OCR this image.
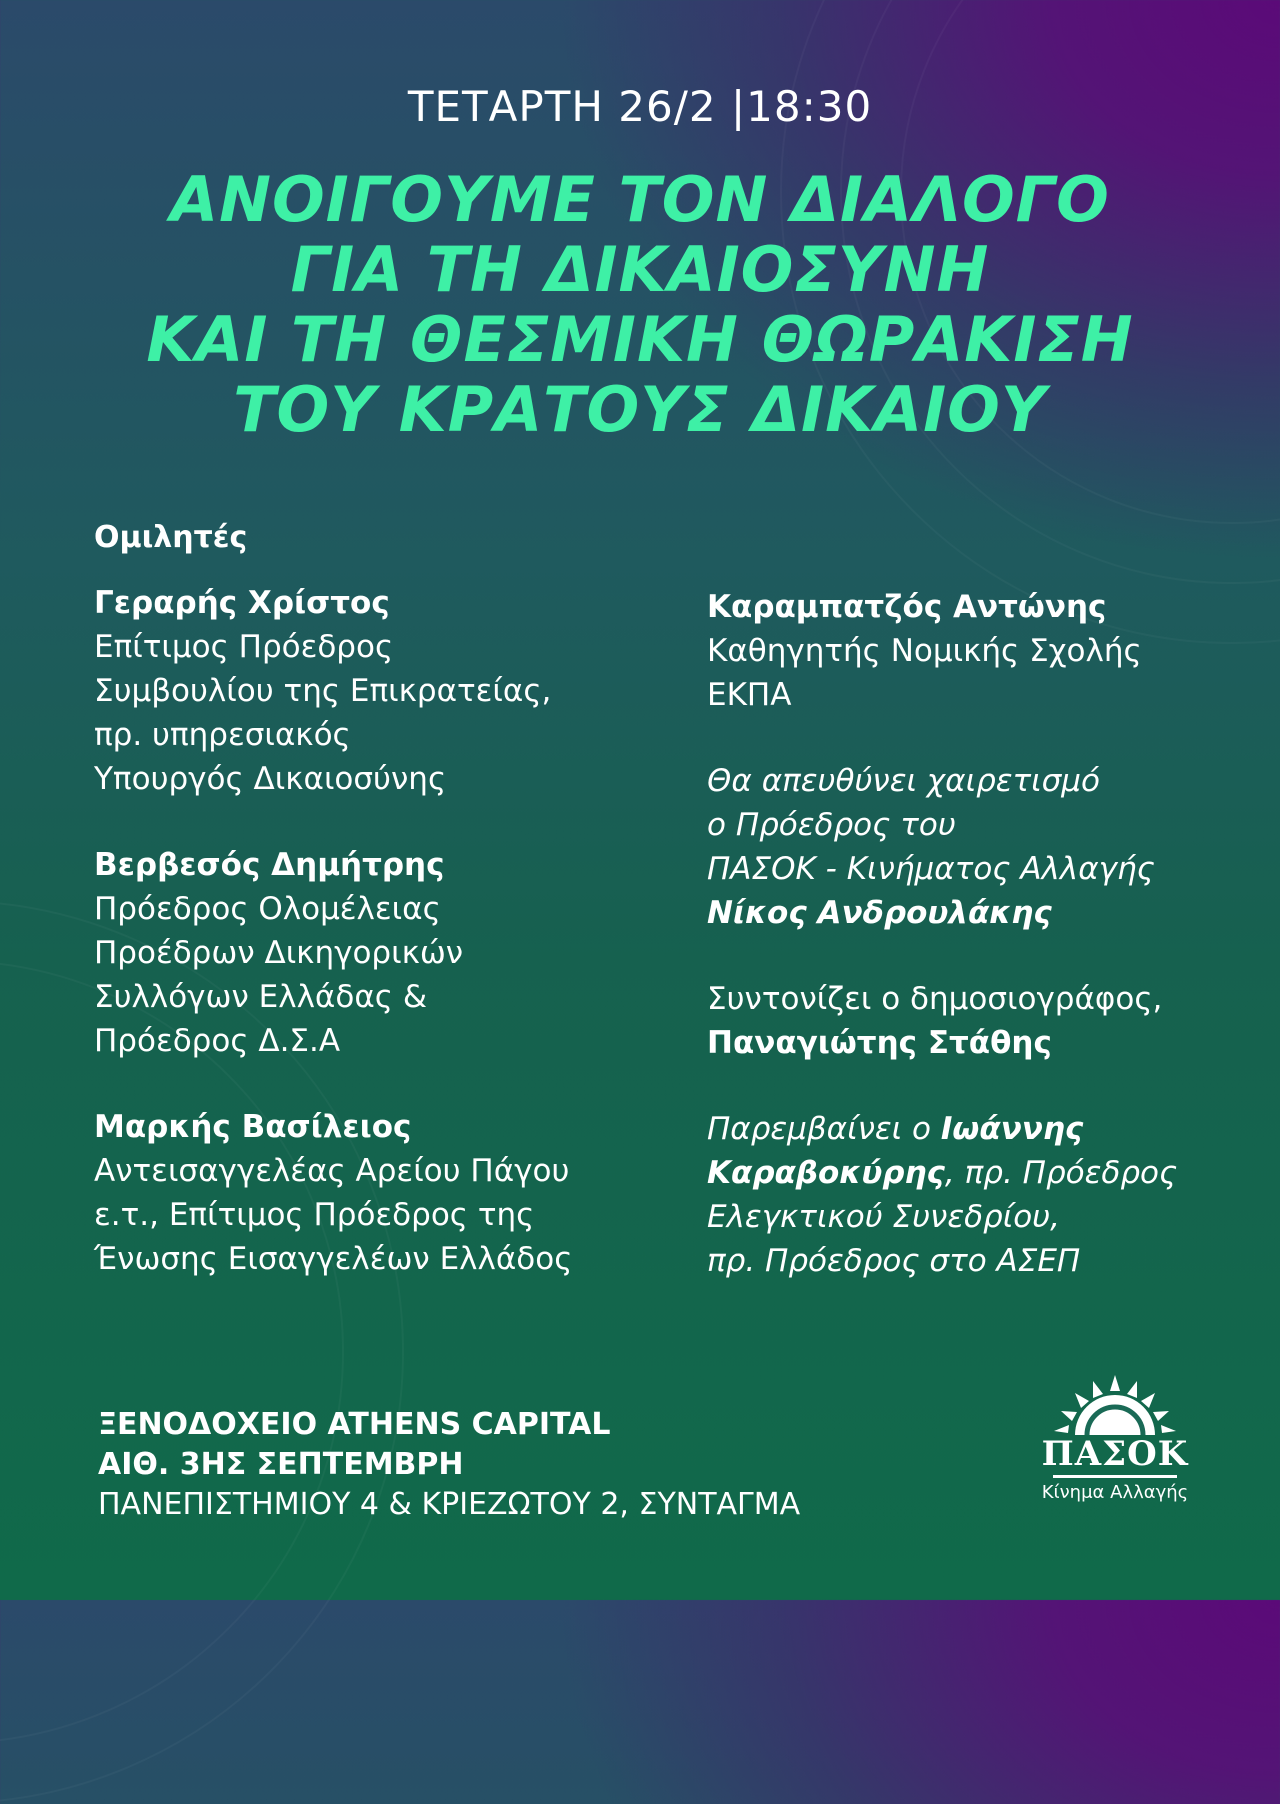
ΤΕΤΑΡΤΗ 26/2 |18:30
ΑΝΟΙΓΟΥΜΕ ΤΟΝ ΔΙΑΛΟΓΟ
ΓΙΑ ΤΗ ΔΙΚΑΙΟΣΥΝΗ
ΚΑΙ ΤΗ ΘΕΣΜΙΚΗ ΘΩΡΑΚΙΣΗ
ΤΟΥ ΚΡΑΤΟΥΣ ΔΙΚΑΙΟΥ
Ομιλητές
Γεραρής Χρίστος
Επίτιμος Πρόεδρος
Συμβουλίου της Επικρατείας,
πρ. υπηρεσιακός
Υπουργός Δικαιοσύνης
Βερβεσός Δημήτρης
Πρόεδρος Ολομέλειας
Προέδρων Δικηγορικών
Συλλόγων Ελλάδας &
Πρόεδρος Δ.Σ.Α
Μαρκής Βασίλειος
Αντεισαγγελέας Αρείου Πάγου
ε.τ., Επίτιμος Πρόεδρος της
Ένωσης Εισαγγελέων Ελλάδος
Καραμπατζός Αντώνης
Καθηγητής Νομικής Σχολής
ΕΚΠΑ
Θα απευθύνει χαιρετισμό
ο Πρόεδρος του
ΠΑΣΟΚ - Κινήματος Αλλαγής
Νίκος Ανδρουλάκης
Συντονίζει ο δημοσιογράφος,
Παναγιώτης Στάθης
Παρεμβαίνει ο Ιωάννης
Καραβοκύρης, πρ. Πρόεδρος
Ελεγκτικού Συνεδρίου,
πρ. Πρόεδρος στο ΑΣΕΠ
ΞΕΝΟΔΟΧΕΙΟ ATHENS CAPITAL
ΑΙΘ. 3ΗΣ ΣΕΠΤΕΜΒΡΗ
ΠΑΝΕΠΙΣΤΗΜΙΟΥ 4 & ΚΡΙΕΖΩΤΟΥ 2, ΣΥΝΤΑΓΜΑ
ΠΑΣΟΚ
Κίνημα Αλλαγής
